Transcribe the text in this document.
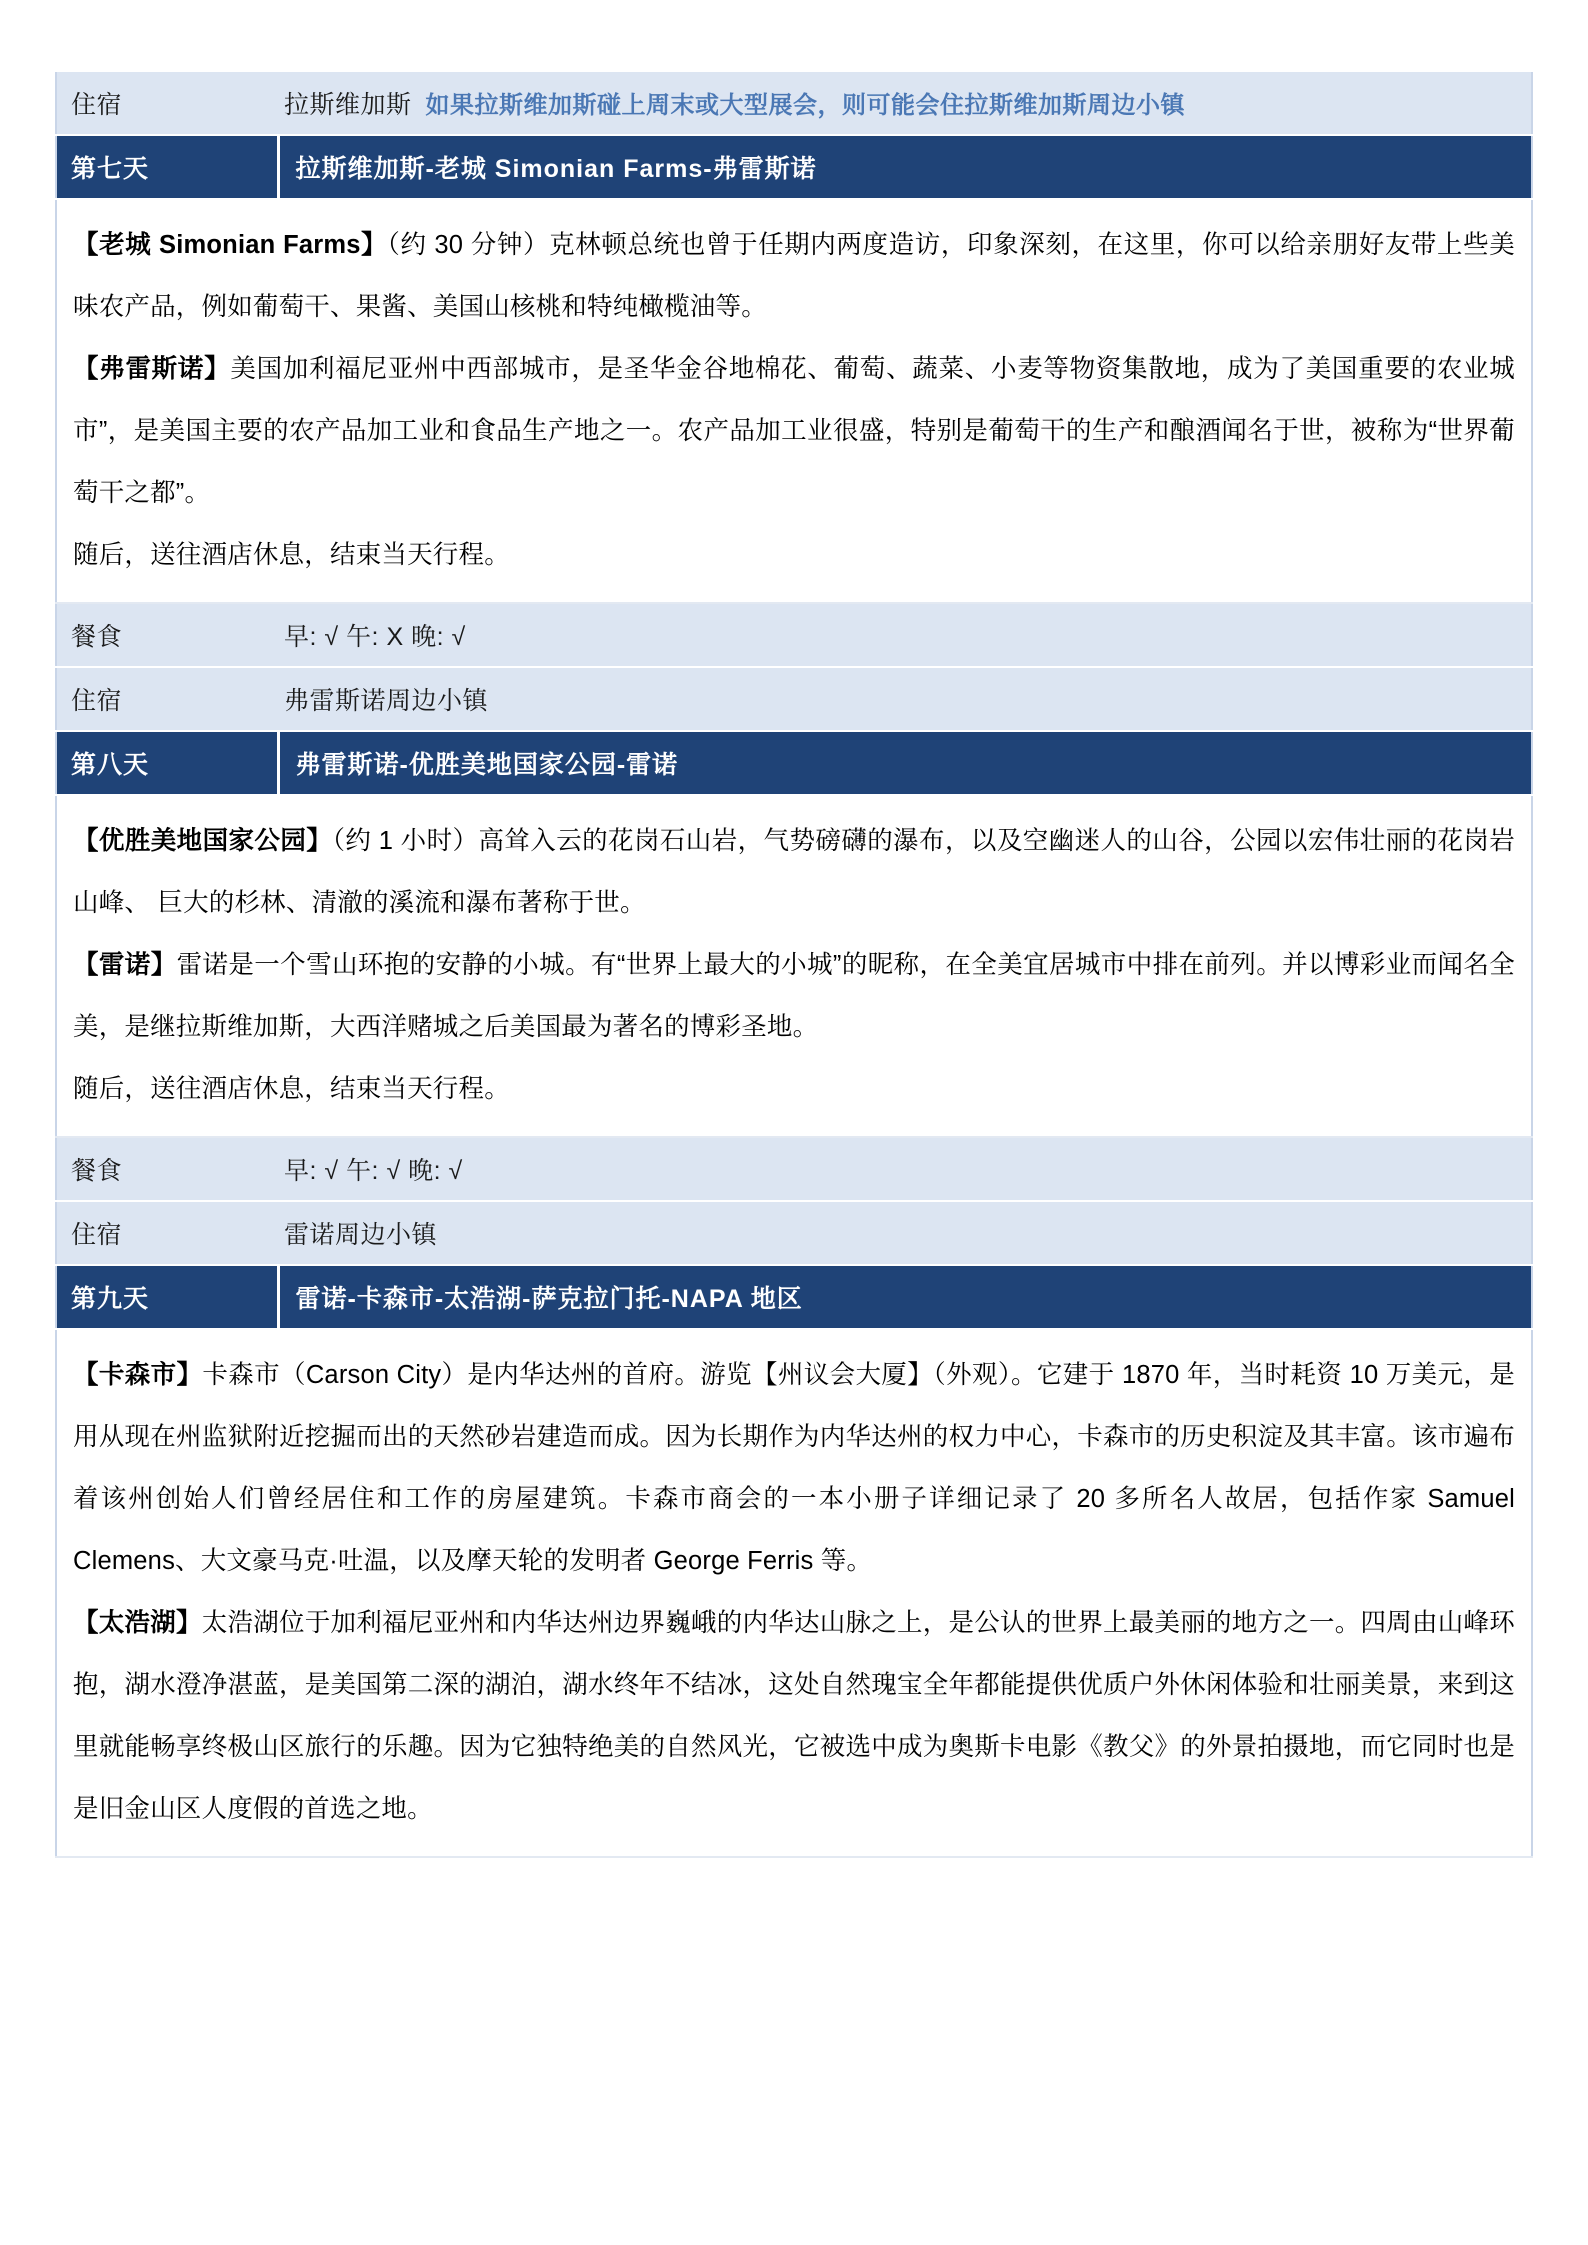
住宿	拉斯维加斯 如果拉斯维加斯碰上周末或大型展会，则可能会住拉斯维加斯周边小镇
第七天	拉斯维加斯-老城 Simonian Farms-弗雷斯诺

【老城 Simonian Farms】（约 30 分钟）克林顿总统也曾于任期内两度造访，印象深刻，在这里，你可以给亲朋好友带上些美味农产品，例如葡萄干、果酱、美国山核桃和特纯橄榄油等。

【弗雷斯诺】美国加利福尼亚州中西部城市，是圣华金谷地棉花、葡萄、蔬菜、小麦等物资集散地，成为了美国重要的农业城市”，是美国主要的农产品加工业和食品生产地之一。农产品加工业很盛，特别是葡萄干的生产和酿酒闻名于世，被称为“世界葡萄干之都”。

随后，送往酒店休息，结束当天行程。	

餐食	早: √ 午: X 晚: √
住宿	弗雷斯诺周边小镇
第八天	弗雷斯诺-优胜美地国家公园-雷诺

【优胜美地国家公园】（约 1 小时）高耸入云的花岗石山岩，气势磅礴的瀑布，以及空幽迷人的山谷，公园以宏伟壮丽的花岗岩山峰、 巨大的杉林、清澈的溪流和瀑布著称于世。

【雷诺】雷诺是一个雪山环抱的安静的小城。有“世界上最大的小城”的昵称，在全美宜居城市中排在前列。并以博彩业而闻名全美，是继拉斯维加斯，大西洋赌城之后美国最为著名的博彩圣地。

随后，送往酒店休息，结束当天行程。	

餐食	早: √ 午: √ 晚: √
住宿	雷诺周边小镇
第九天	雷诺-卡森市-太浩湖-萨克拉门托-NAPA 地区

【卡森市】卡森市（Carson City）是内华达州的首府。游览【州议会大厦】（外观）。它建于 1870 年，当时耗资 10 万美元，是用从现在州监狱附近挖掘而出的天然砂岩建造而成。因为长期作为内华达州的权力中心，卡森市的历史积淀及其丰富。该市遍布着该州创始人们曾经居住和工作的房屋建筑。卡森市商会的一本小册子详细记录了 20 多所名人故居，包括作家 Samuel Clemens、大文豪马克·吐温，以及摩天轮的发明者 George Ferris 等。

【太浩湖】太浩湖位于加利福尼亚州和内华达州边界巍峨的内华达山脉之上，是公认的世界上最美丽的地方之一。四周由山峰环抱，湖水澄净湛蓝，是美国第二深的湖泊，湖水终年不结冰，这处自然瑰宝全年都能提供优质户外休闲体验和壮丽美景，来到这里就能畅享终极山区旅行的乐趣。因为它独特绝美的自然风光，它被选中成为奥斯卡电影《教父》的外景拍摄地，而它同时也是是旧金山区人度假的首选之地。	
